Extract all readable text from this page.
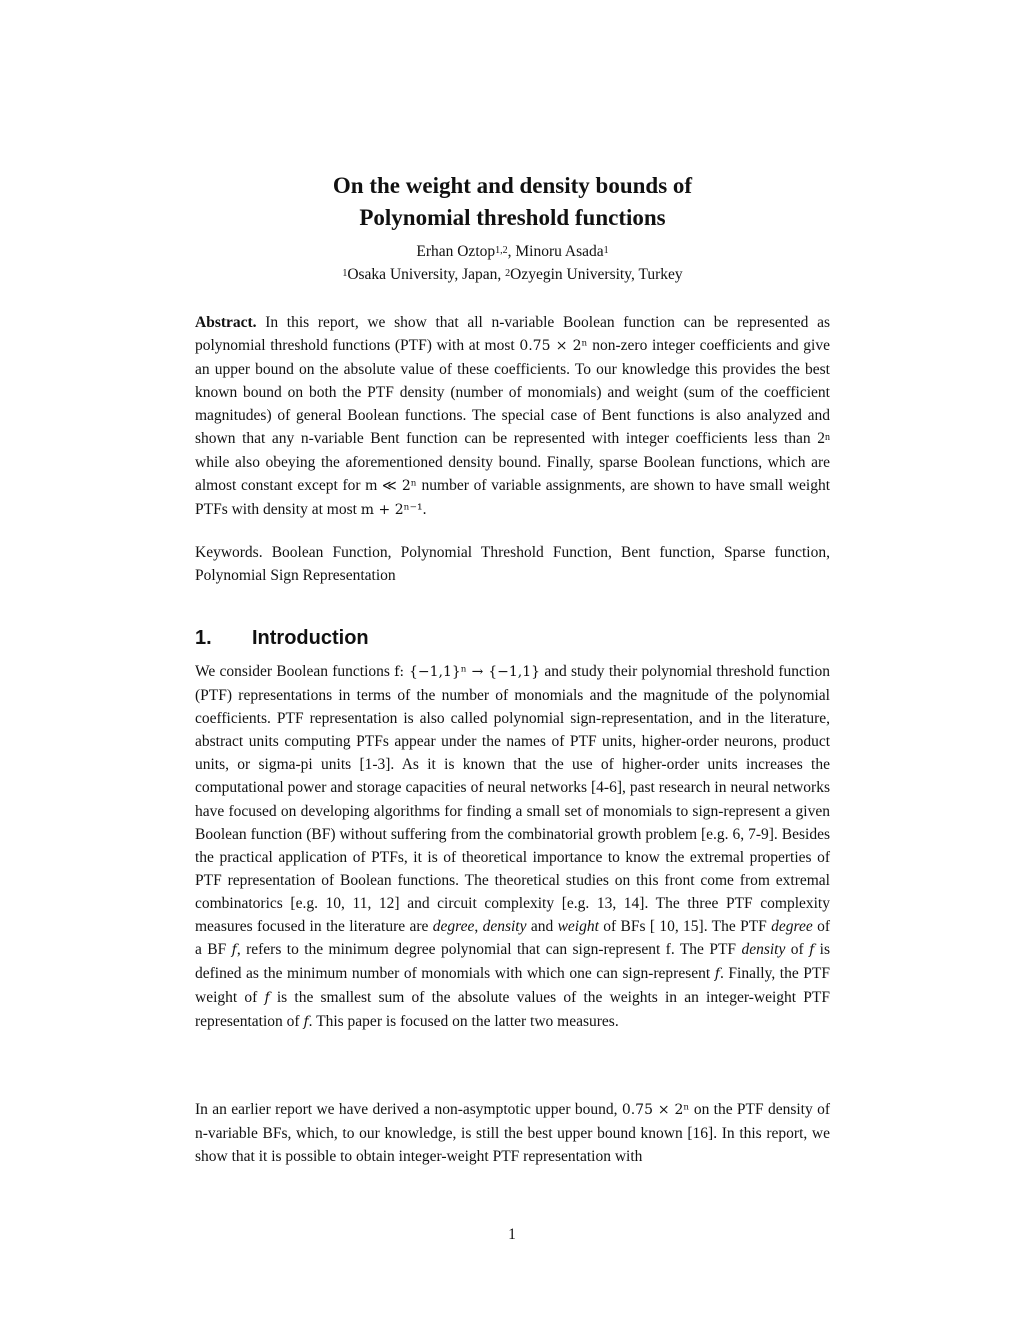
On the weight and density bounds of
Polynomial threshold functions
Erhan Oztop$^{1,2}$, Minoru Asada$^1$
$^1$Osaka University, Japan, $^2$Ozyegin University, Turkey
Abstract. In this report, we show that all n-variable Boolean function can be represented as polynomial threshold functions (PTF) with at most 0.75 × 2ⁿ non-zero integer coefficients and give an upper bound on the absolute value of these coefficients. To our knowledge this provides the best known bound on both the PTF density (number of monomials) and weight (sum of the coefficient magnitudes) of general Boolean functions. The special case of Bent functions is also analyzed and shown that any n-variable Bent function can be represented with integer coefficients less than 2$^n$ while also obeying the aforementioned density bound. Finally, sparse Boolean functions, which are almost constant except for m ≪ 2ⁿ number of variable assignments, are shown to have small weight PTFs with density at most m + 2ⁿ⁻¹.
Keywords. Boolean Function, Polynomial Threshold Function, Bent function, Sparse function, Polynomial Sign Representation
1. Introduction
We consider Boolean functions f: {−1,1}ⁿ → {−1,1} and study their polynomial threshold function (PTF) representations in terms of the number of monomials and the magnitude of the polynomial coefficients. PTF representation is also called polynomial sign-representation, and in the literature, abstract units computing PTFs appear under the names of PTF units, higher-order neurons, product units, or sigma-pi units [1-3]. As it is known that the use of higher-order units increases the computational power and storage capacities of neural networks [4-6], past research in neural networks have focused on developing algorithms for finding a small set of monomials to sign-represent a given Boolean function (BF) without suffering from the combinatorial growth problem [e.g. 6, 7-9]. Besides the practical application of PTFs, it is of theoretical importance to know the extremal properties of PTF representation of Boolean functions. The theoretical studies on this front come from extremal combinatorics [e.g. 10, 11, 12] and circuit complexity [e.g. 13, 14]. The three PTF complexity measures focused in the literature are degree, density and weight of BFs [ 10, 15]. The PTF degree of a BF f, refers to the minimum degree polynomial that can sign-represent f. The PTF density of f is defined as the minimum number of monomials with which one can sign-represent f. Finally, the PTF weight of f is the smallest sum of the absolute values of the weights in an integer-weight PTF representation of f. This paper is focused on the latter two measures.
In an earlier report we have derived a non-asymptotic upper bound, 0.75 × 2ⁿ on the PTF density of n-variable BFs, which, to our knowledge, is still the best upper bound known [16]. In this report, we show that it is possible to obtain integer-weight PTF representation with
1
